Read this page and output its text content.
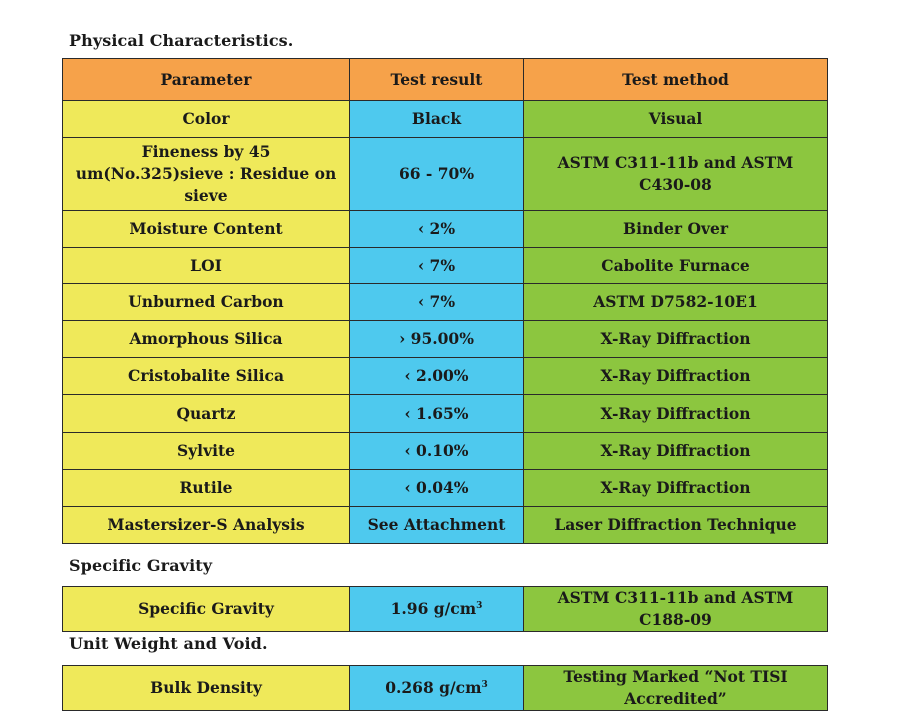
Physical Characteristics.
Parameter	Test result	Test method
Color	Black	Visual
Fineness by 45 um(No.325)sieve : Residue on sieve	66 - 70%	ASTM C311-11b and ASTM C430-08
Moisture Content	‹ 2%	Binder Over
LOI	‹ 7%	Cabolite Furnace
Unburned Carbon	‹ 7%	ASTM D7582-10E1
Amorphous Silica	› 95.00%	X-Ray Diffraction
Cristobalite Silica	‹ 2.00%	X-Ray Diffraction
Quartz	‹ 1.65%	X-Ray Diffraction
Sylvite	‹ 0.10%	X-Ray Diffraction
Rutile	‹ 0.04%	X-Ray Diffraction
Mastersizer-S Analysis	See Attachment	Laser Diffraction Technique
Specific Gravity
Specific Gravity	1.96 $g/cm^3$	ASTM C311-11b and ASTM C188-09
Unit Weight and Void.
Bulk Density	0.268 $g/cm^3$	Testing Marked “Not TISI Accredited”
